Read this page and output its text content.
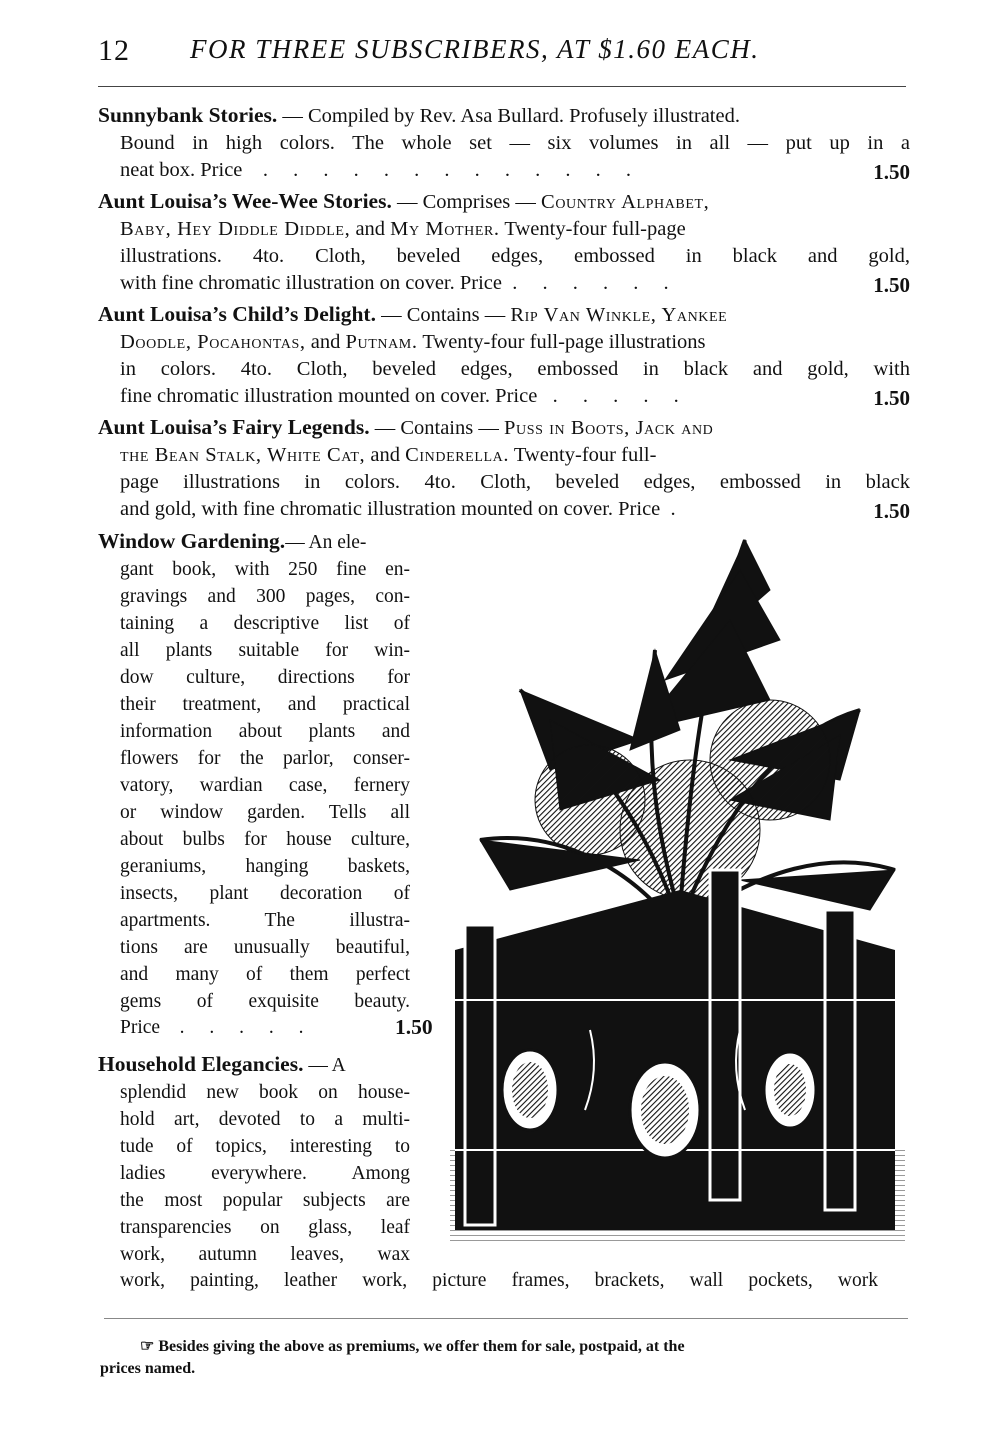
12 FOR THREE SUBSCRIBERS, AT $1.60 EACH.
Sunnybank Stories. — Compiled by Rev. Asa Bullard. Profusely illustrated.
Bound in high colors. The whole set — six volumes in all — put up in a
neat box. Price . . . . . . . . . . . . .	1.50
Aunt Louisa’s Wee-Wee Stories. — Comprises — Country Alphabet,
Baby, Hey Diddle Diddle, and My Mother. Twenty-four full-page
illustrations. 4to. Cloth, beveled edges, embossed in black and gold,
with fine chromatic illustration on cover. Price . . . . . .	1.50
Aunt Louisa’s Child’s Delight. — Contains — Rip Van Winkle, Yankee
Doodle, Pocahontas, and Putnam. Twenty-four full-page illustrations
in colors. 4to. Cloth, beveled edges, embossed in black and gold, with
fine chromatic illustration mounted on cover. Price . . . . .	1.50
Aunt Louisa’s Fairy Legends. — Contains — Puss in Boots, Jack and
the Bean Stalk, White Cat, and Cinderella. Twenty-four full-
page illustrations in colors. 4to. Cloth, beveled edges, embossed in black
and gold, with fine chromatic illustration mounted on cover. Price .	1.50
Window Gardening.— An ele-
gant book, with 250 fine en-
gravings and 300 pages, con-
taining a descriptive list of
all plants suitable for win-
dow culture, directions for
their treatment, and practical
information about plants and
flowers for the parlor, conser-
vatory, wardian case, fernery
or window garden. Tells all
about bulbs for house culture,
geraniums, hanging baskets,
insects, plant decoration of
apartments. The illustra-
tions are unusually beautiful,
and many of them perfect
gems of exquisite beauty.
Price . . . . .	1.50
Household Elegancies. — A
splendid new book on house-
hold art, devoted to a multi-
tude of topics, interesting to
ladies everywhere. Among
the most popular subjects are
transparencies on glass, leaf
work, autumn leaves, wax
work, painting, leather work, picture frames, brackets, wall pockets, work
☞ Besides giving the above as premiums, we offer them for sale, postpaid, at the
prices named.
